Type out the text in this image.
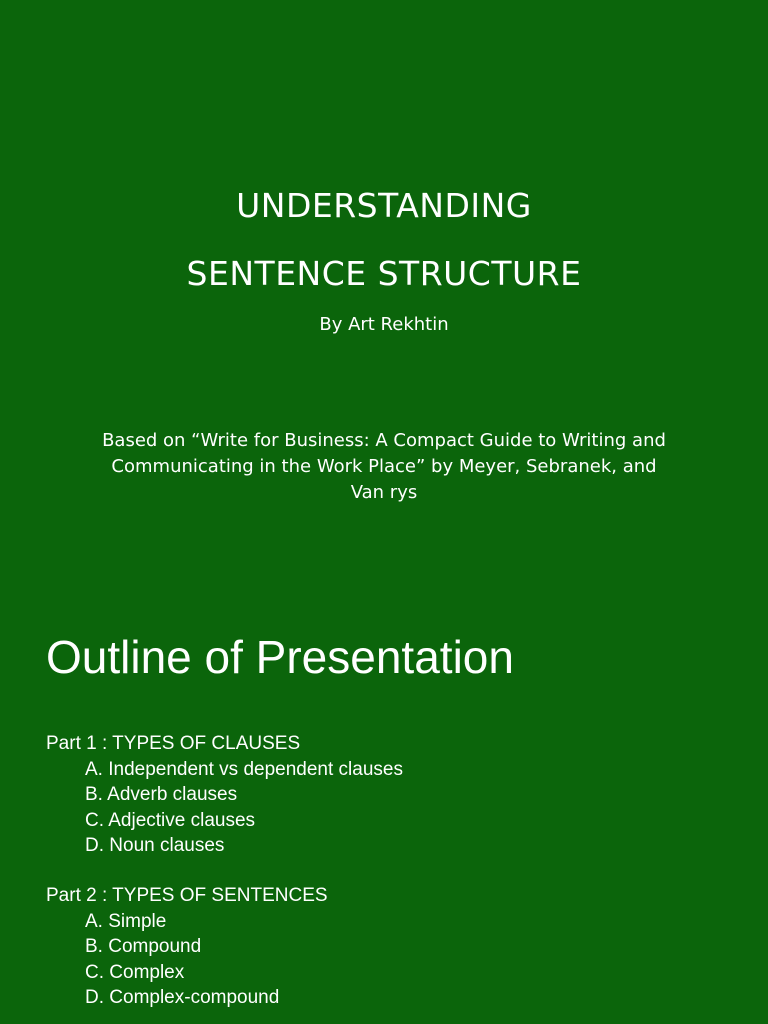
UNDERSTANDING
SENTENCE STRUCTURE
By Art Rekhtin
Based on “Write for Business: A Compact Guide to Writing and
Communicating in the Work Place” by Meyer, Sebranek, and
Van rys
Outline of Presentation
Part 1 : TYPES OF CLAUSES
A. Independent vs dependent clauses
B. Adverb clauses
C. Adjective clauses
D. Noun clauses
Part 2 : TYPES OF SENTENCES
A. Simple
B. Compound
C. Complex
D. Complex-compound
